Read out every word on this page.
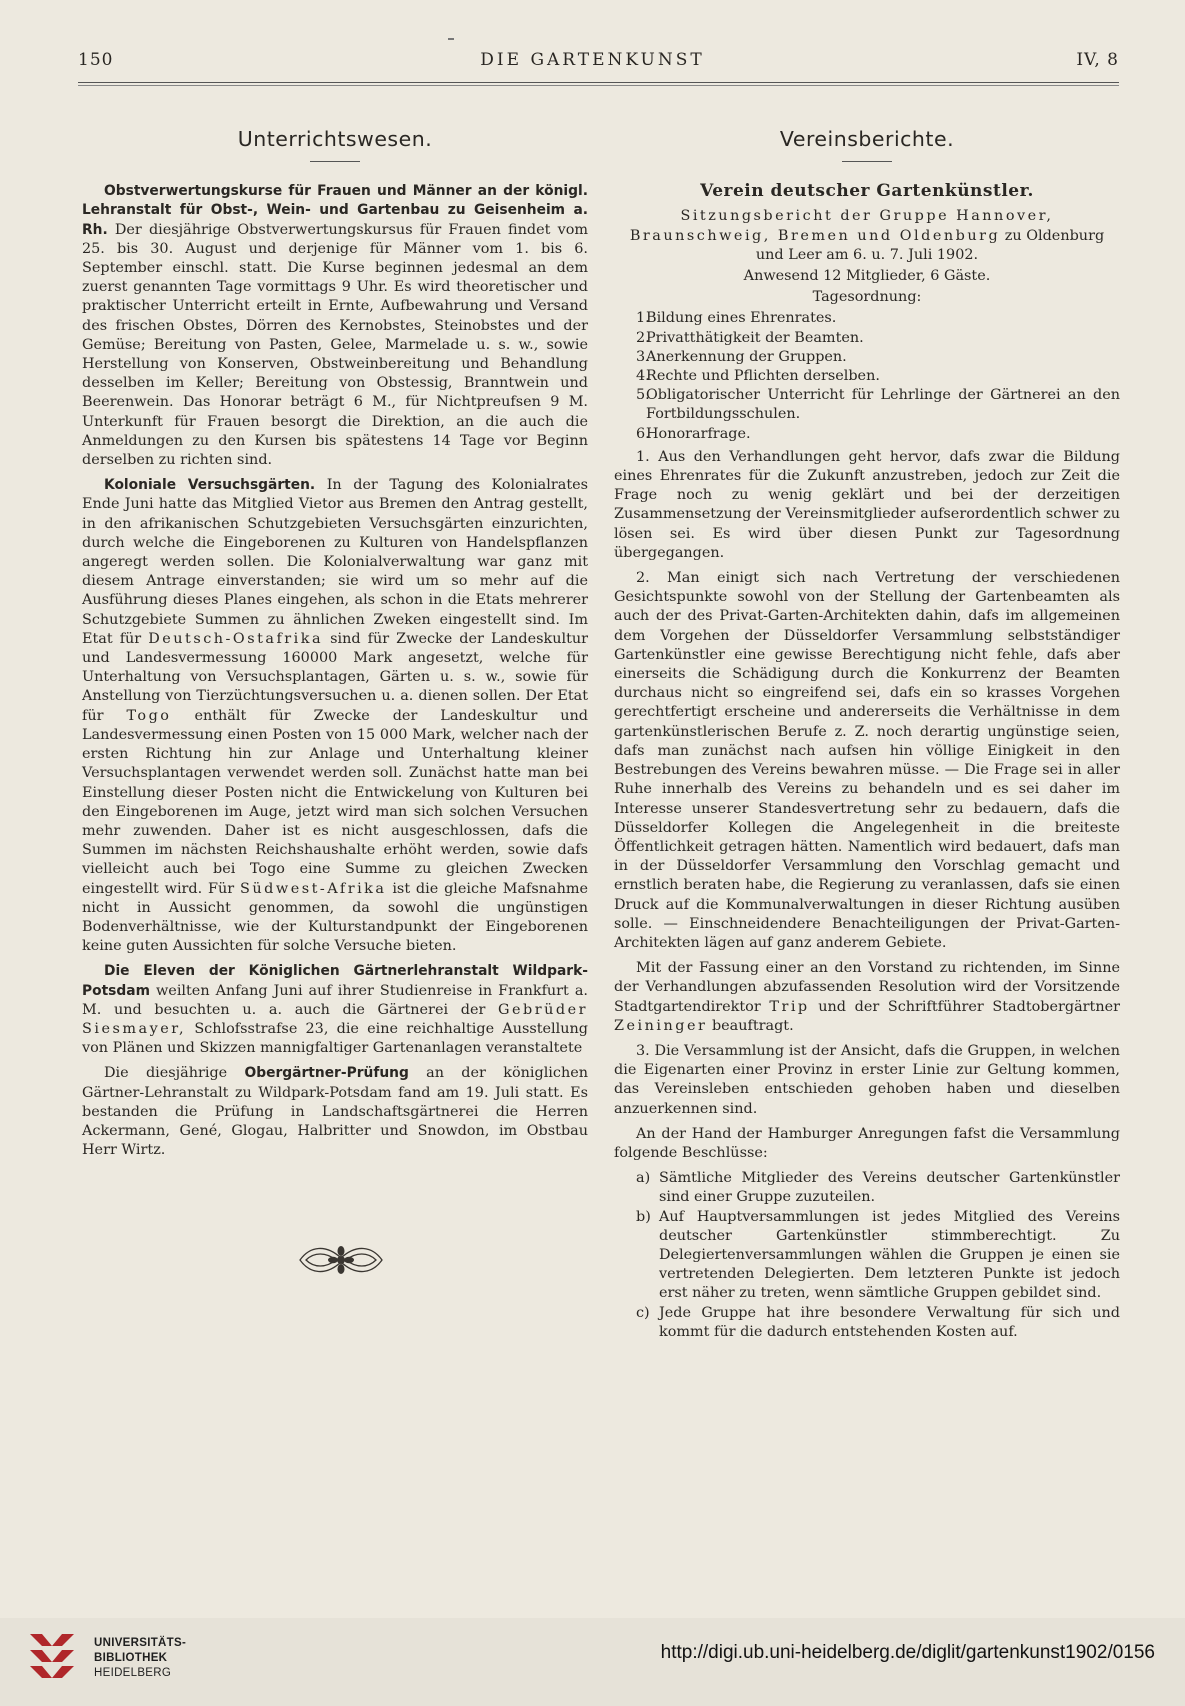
150	DIE GARTENKUNST	IV, 8
Unterrichtswesen.

Obstverwertungskurse für Frauen und Männer an der königl. Lehranstalt für Obst-, Wein- und Gartenbau zu Geisenheim a. Rh. Der diesjährige Obstverwertungskursus für Frauen findet vom 25. bis 30. August und derjenige für Männer vom 1. bis 6. September einschl. statt. Die Kurse beginnen jedesmal an dem zuerst genannten Tage vormittags 9 Uhr. Es wird theoretischer und praktischer Unterricht erteilt in Ernte, Aufbewahrung und Versand des frischen Obstes, Dörren des Kernobstes, Steinobstes und der Gemüse; Bereitung von Pasten, Gelee, Marmelade u. s. w., sowie Herstellung von Konserven, Obstweinbereitung und Behandlung desselben im Keller; Bereitung von Obstessig, Branntwein und Beerenwein. Das Honorar beträgt 6 M., für Nichtpreufsen 9 M. Unterkunft für Frauen besorgt die Direktion, an die auch die Anmeldungen zu den Kursen bis spätestens 14 Tage vor Beginn derselben zu richten sind.

Koloniale Versuchsgärten. In der Tagung des Kolonialrates Ende Juni hatte das Mitglied Vietor aus Bremen den Antrag gestellt, in den afrikanischen Schutzgebieten Versuchsgärten einzurichten, durch welche die Eingeborenen zu Kulturen von Handelspflanzen angeregt werden sollen. Die Kolonialverwaltung war ganz mit diesem Antrage einverstanden; sie wird um so mehr auf die Ausführung dieses Planes eingehen, als schon in die Etats mehrerer Schutzgebiete Summen zu ähnlichen Zweken eingestellt sind. Im Etat für Deutsch-Ostafrika sind für Zwecke der Landeskultur und Landesvermessung 160000 Mark angesetzt, welche für Unterhaltung von Versuchsplantagen, Gärten u. s. w., sowie für Anstellung von Tierzüchtungsversuchen u. a. dienen sollen. Der Etat für Togo enthält für Zwecke der Landeskultur und Landesvermessung einen Posten von 15 000 Mark, welcher nach der ersten Richtung hin zur Anlage und Unterhaltung kleiner Versuchsplantagen verwendet werden soll. Zunächst hatte man bei Einstellung dieser Posten nicht die Entwickelung von Kulturen bei den Eingeborenen im Auge, jetzt wird man sich solchen Versuchen mehr zuwenden. Daher ist es nicht ausgeschlossen, dafs die Summen im nächsten Reichshaushalte erhöht werden, sowie dafs vielleicht auch bei Togo eine Summe zu gleichen Zwecken eingestellt wird. Für Südwest-Afrika ist die gleiche Mafsnahme nicht in Aussicht genommen, da sowohl die ungünstigen Bodenverhältnisse, wie der Kulturstandpunkt der Eingeborenen keine guten Aussichten für solche Versuche bieten.

Die Eleven der Königlichen Gärtnerlehranstalt Wildpark-Potsdam weilten Anfang Juni auf ihrer Studienreise in Frankfurt a. M. und besuchten u. a. auch die Gärtnerei der Gebrüder Siesmayer, Schlofsstrafse 23, die eine reichhaltige Ausstellung von Plänen und Skizzen mannigfaltiger Gartenanlagen veranstaltete

Die diesjährige Obergärtner-Prüfung an der königlichen Gärtner-Lehranstalt zu Wildpark-Potsdam fand am 19. Juli statt. Es bestanden die Prüfung in Landschaftsgärtnerei die Herren Ackermann, Gené, Glogau, Halbritter und Snowdon, im Obstbau Herr Wirtz.

Vereinsberichte.
Verein deutscher Gartenkünstler.

Sitzungsbericht der Gruppe Hannover, Braunschweig, Bremen und Oldenburg zu Oldenburg und Leer am 6. u. 7. Juli 1902.

Anwesend 12 Mitglieder, 6 Gäste.

Tagesordnung:

1.
Bildung eines Ehrenrates.
2.
Privatthätigkeit der Beamten.
3.
Anerkennung der Gruppen.
4.
Rechte und Pflichten derselben.
5.
Obligatorischer Unterricht für Lehrlinge der Gärtnerei an den Fortbildungsschulen.
6.
Honorarfrage.

1. Aus den Verhandlungen geht hervor, dafs zwar die Bildung eines Ehrenrates für die Zukunft anzustreben, jedoch zur Zeit die Frage noch zu wenig geklärt und bei der derzeitigen Zusammensetzung der Vereinsmitglieder aufserordentlich schwer zu lösen sei. Es wird über diesen Punkt zur Tagesordnung übergegangen.

2. Man einigt sich nach Vertretung der verschiedenen Gesichtspunkte sowohl von der Stellung der Gartenbeamten als auch der des Privat-Garten-Architekten dahin, dafs im allgemeinen dem Vorgehen der Düsseldorfer Versammlung selbstständiger Gartenkünstler eine gewisse Berechtigung nicht fehle, dafs aber einerseits die Schädigung durch die Konkurrenz der Beamten durchaus nicht so eingreifend sei, dafs ein so krasses Vorgehen gerechtfertigt erscheine und andererseits die Verhältnisse in dem gartenkünstlerischen Berufe z. Z. noch derartig ungünstige seien, dafs man zunächst nach aufsen hin völlige Einigkeit in den Bestrebungen des Vereins bewahren müsse. — Die Frage sei in aller Ruhe innerhalb des Vereins zu behandeln und es sei daher im Interesse unserer Standesvertretung sehr zu bedauern, dafs die Düsseldorfer Kollegen die Angelegenheit in die breiteste Öffentlichkeit getragen hätten. Namentlich wird bedauert, dafs man in der Düsseldorfer Versammlung den Vorschlag gemacht und ernstlich beraten habe, die Regierung zu veranlassen, dafs sie einen Druck auf die Kommunalverwaltungen in dieser Richtung ausüben solle. — Einschneidendere Benachteiligungen der Privat-Garten-Architekten lägen auf ganz anderem Gebiete.

Mit der Fassung einer an den Vorstand zu richtenden, im Sinne der Verhandlungen abzufassenden Resolution wird der Vorsitzende Stadtgartendirektor Trip und der Schriftführer Stadtobergärtner Zeininger beauftragt.

3. Die Versammlung ist der Ansicht, dafs die Gruppen, in welchen die Eigenarten einer Provinz in erster Linie zur Geltung kommen, das Vereinsleben entschieden gehoben haben und dieselben anzuerkennen sind.

An der Hand der Hamburger Anregungen fafst die Versammlung folgende Beschlüsse:

a) Sämtliche Mitglieder des Vereins deutscher Gartenkünstler sind einer Gruppe zuzuteilen.
b) Auf Hauptversammlungen ist jedes Mitglied des Vereins deutscher Gartenkünstler stimmberechtigt. Zu Delegiertenversammlungen wählen die Gruppen je einen sie vertretenden Delegierten. Dem letzteren Punkte ist jedoch erst näher zu treten, wenn sämtliche Gruppen gebildet sind.
c) Jede Gruppe hat ihre besondere Verwaltung für sich und kommt für die dadurch entstehenden Kosten auf.
UNIVERSITÄTS-
BIBLIOTHEK
HEIDELBERG
http://digi.ub.uni-heidelberg.de/diglit/gartenkunst1902/0156
